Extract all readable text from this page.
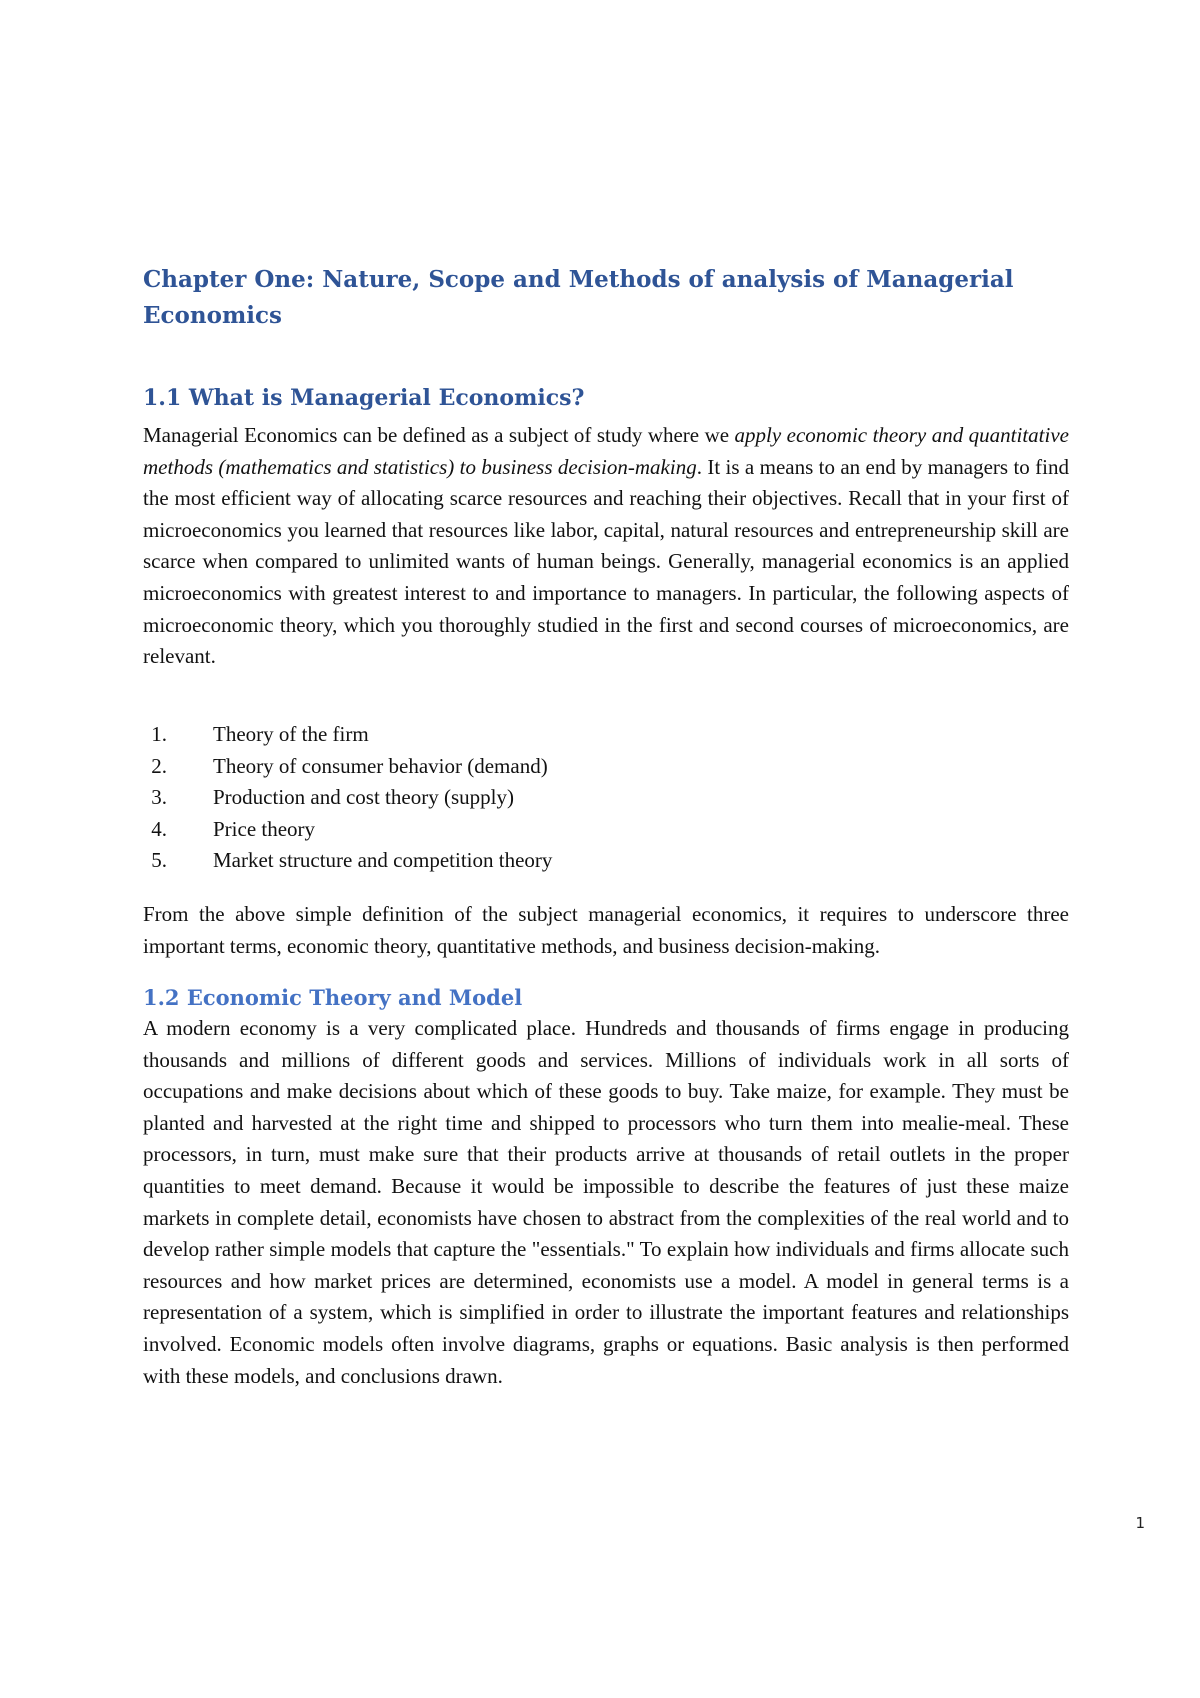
Chapter One: Nature, Scope and Methods of analysis of Managerial Economics
1.1 What is Managerial Economics?

Managerial Economics can be defined as a subject of study where we apply economic theory and quantitative methods (mathematics and statistics) to business decision-making. It is a means to an end by managers to find the most efficient way of allocating scarce resources and reaching their objectives. Recall that in your first of microeconomics you learned that resources like labor, capital, natural resources and entrepreneurship skill are scarce when compared to unlimited wants of human beings. Generally, managerial economics is an applied microeconomics with greatest interest to and importance to managers. In particular, the following aspects of microeconomic theory, which you thoroughly studied in the first and second courses of microeconomics, are relevant.

1. Theory of the firm
2. Theory of consumer behavior (demand)
3. Production and cost theory (supply)
4. Price theory
5. Market structure and competition theory

From the above simple definition of the subject managerial economics, it requires to underscore three important terms, economic theory, quantitative methods, and business decision-making.

1.2 Economic Theory and Model

A modern economy is a very complicated place. Hundreds and thousands of firms engage in producing thousands and millions of different goods and services. Millions of individuals work in all sorts of occupations and make decisions about which of these goods to buy. Take maize, for example. They must be planted and harvested at the right time and shipped to processors who turn them into mealie-meal. These processors, in turn, must make sure that their products arrive at thousands of retail outlets in the proper quantities to meet demand. Because it would be impossible to describe the features of just these maize markets in complete detail, economists have chosen to abstract from the complexities of the real world and to develop rather simple models that capture the "essentials." To explain how individuals and firms allocate such resources and how market prices are determined, economists use a model. A model in general terms is a representation of a system, which is simplified in order to illustrate the important features and relationships involved. Economic models often involve diagrams, graphs or equations. Basic analysis is then performed with these models, and conclusions drawn.

1
